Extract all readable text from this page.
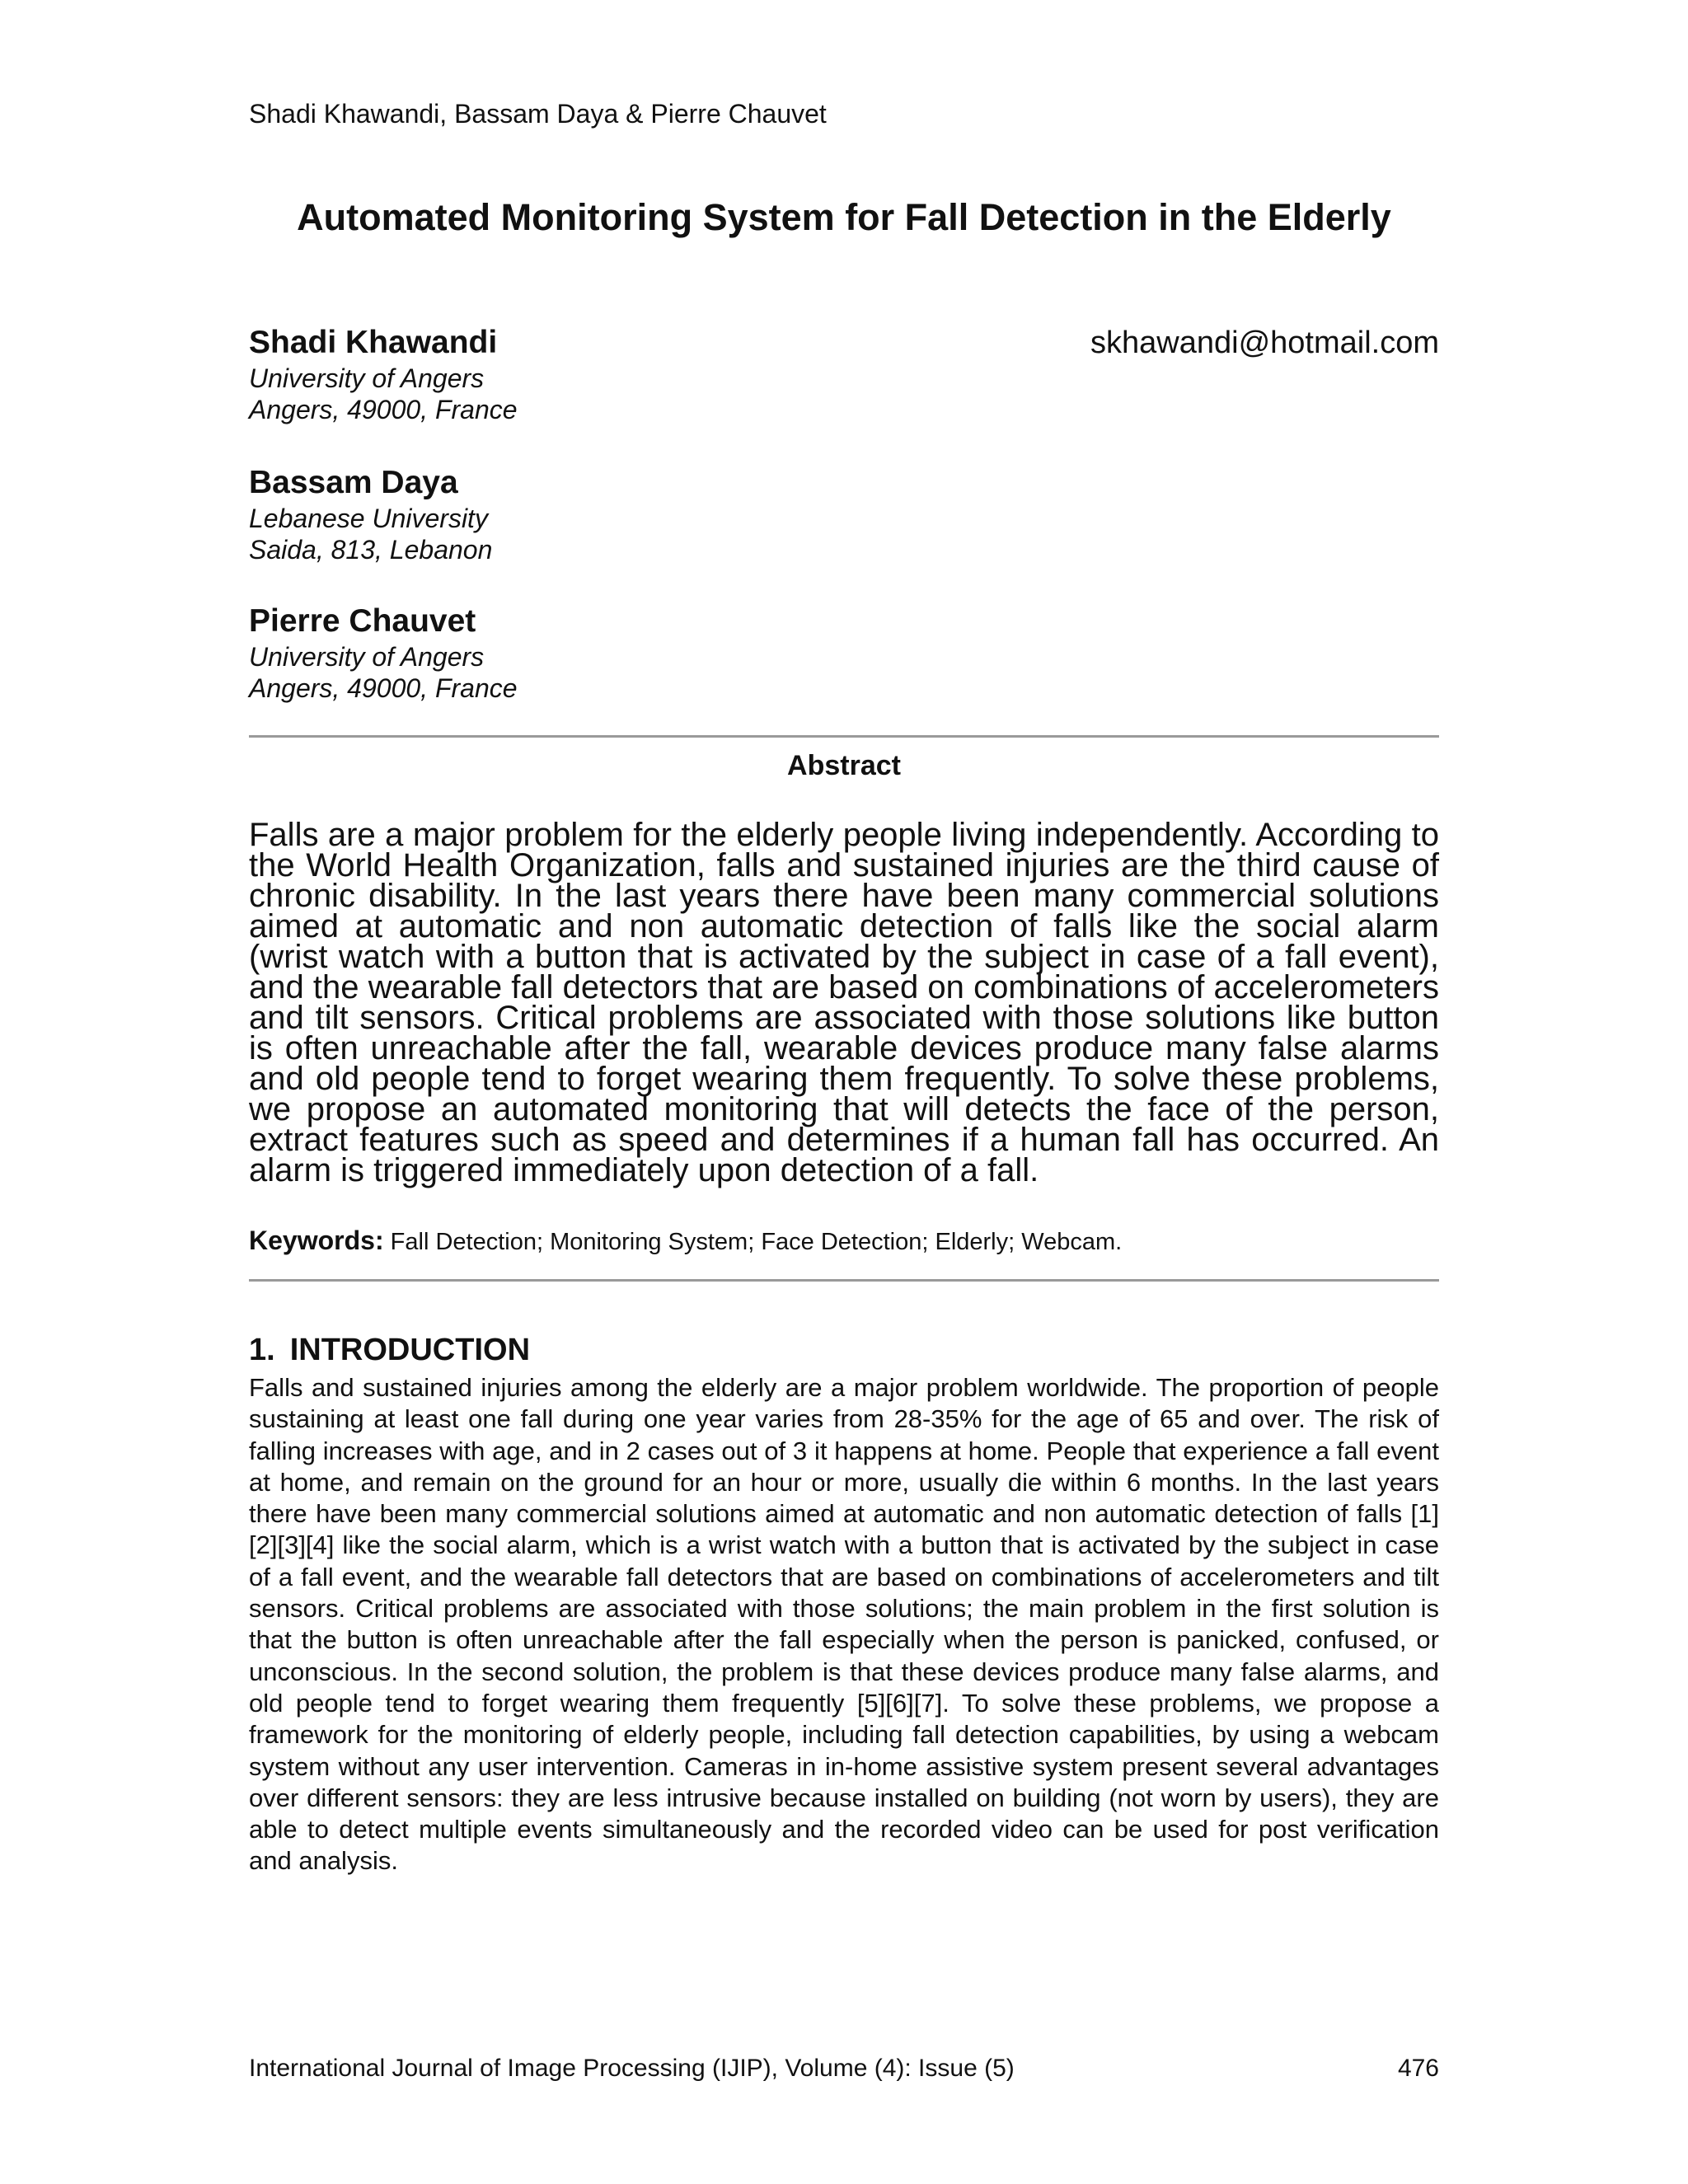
Shadi Khawandi, Bassam Daya & Pierre Chauvet
Automated Monitoring System for Fall Detection in the Elderly
Shadi Khawandi
University of Angers
Angers, 49000, France
skhawandi@hotmail.com
Bassam Daya
Lebanese University
Saida, 813, Lebanon
Pierre Chauvet
University of Angers
Angers, 49000, France
Abstract

Falls are a major problem for the elderly people living independently. According to the World Health Organization, falls and sustained injuries are the third cause of chronic disability. In the last years there have been many commercial solutions aimed at automatic and non automatic detection of falls like the social alarm (wrist watch with a button that is activated by the subject in case of a fall event), and the wearable fall detectors that are based on combinations of accelerometers and tilt sensors. Critical problems are associated with those solutions like button is often unreachable after the fall, wearable devices produce many false alarms and old people tend to forget wearing them frequently. To solve these problems, we propose an automated monitoring that will detects the face of the person, extract features such as speed and determines if a human fall has occurred. An alarm is triggered immediately upon detection of a fall.

Keywords: Fall Detection; Monitoring System; Face Detection; Elderly; Webcam.
1. INTRODUCTION

Falls and sustained injuries among the elderly are a major problem worldwide. The proportion of people sustaining at least one fall during one year varies from 28-35% for the age of 65 and over. The risk of falling increases with age, and in 2 cases out of 3 it happens at home. People that experience a fall event at home, and remain on the ground for an hour or more, usually die within 6 months. In the last years there have been many commercial solutions aimed at automatic and non automatic detection of falls [1][2][3][4] like the social alarm, which is a wrist watch with a button that is activated by the subject in case of a fall event, and the wearable fall detectors that are based on combinations of accelerometers and tilt sensors. Critical problems are associated with those solutions; the main problem in the first solution is that the button is often unreachable after the fall especially when the person is panicked, confused, or unconscious. In the second solution, the problem is that these devices produce many false alarms, and old people tend to forget wearing them frequently [5][6][7]. To solve these problems, we propose a framework for the monitoring of elderly people, including fall detection capabilities, by using a webcam system without any user intervention. Cameras in in-home assistive system present several advantages over different sensors: they are less intrusive because installed on building (not worn by users), they are able to detect multiple events simultaneously and the recorded video can be used for post verification and analysis.

International Journal of Image Processing (IJIP), Volume (4): Issue (5)	476
